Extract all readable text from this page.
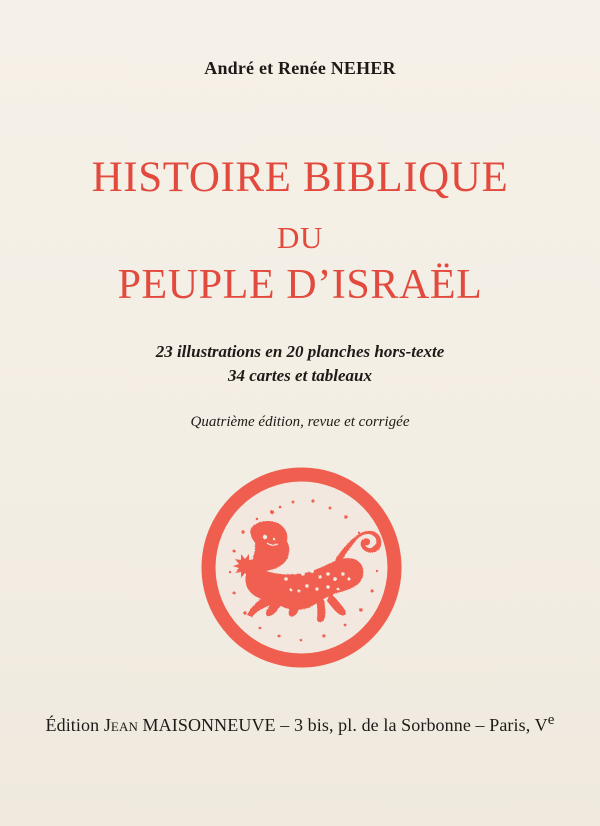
André et Renée NEHER
HISTOIRE BIBLIQUE
DU
PEUPLE D’ISRAËL
23 illustrations en 20 planches hors-texte
34 cartes et tableaux
Quatrième édition, revue et corrigée
Édition Jean MAISONNEUVE – 3 bis, pl. de la Sorbonne – Paris, Ve
